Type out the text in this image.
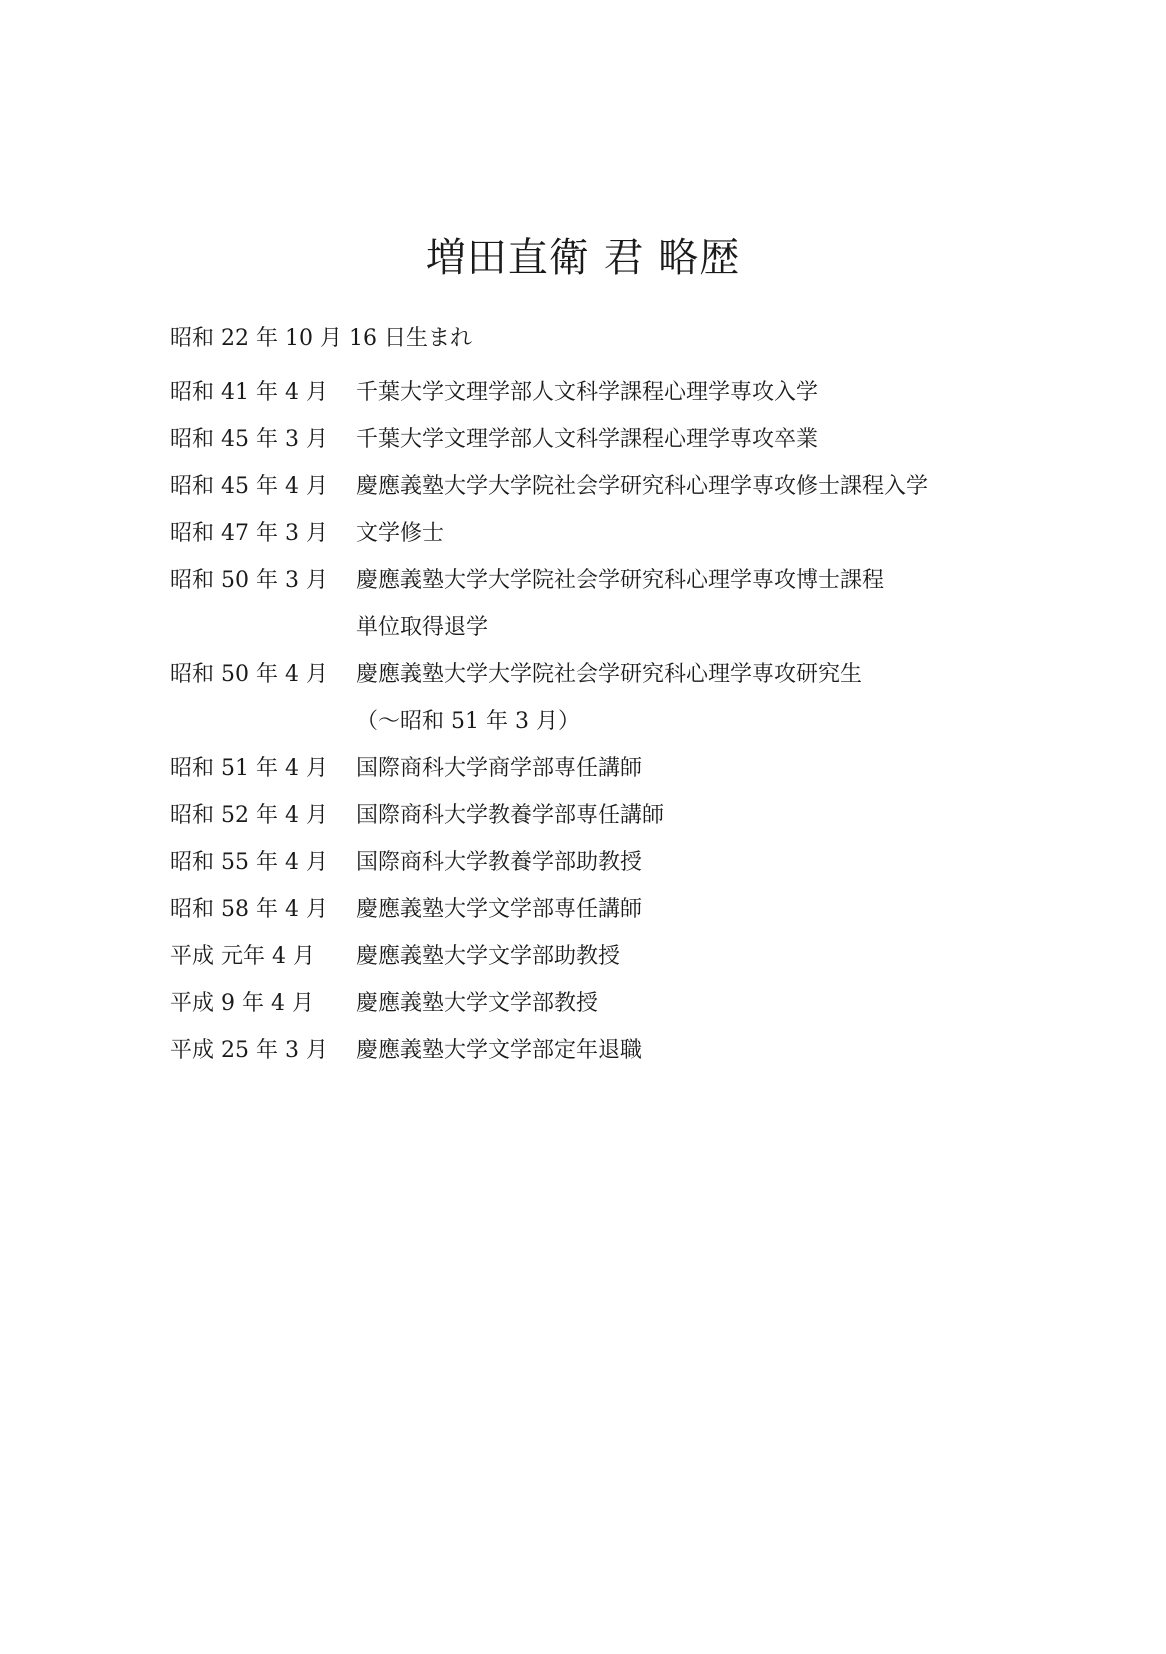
増田直衛 君 略歴
昭和 22 年 10 月 16 日生まれ
昭和 41 年 4 月	千葉大学文理学部人文科学課程心理学専攻入学
昭和 45 年 3 月	千葉大学文理学部人文科学課程心理学専攻卒業
昭和 45 年 4 月	慶應義塾大学大学院社会学研究科心理学専攻修士課程入学
昭和 47 年 3 月	文学修士
昭和 50 年 3 月	慶應義塾大学大学院社会学研究科心理学専攻博士課程
単位取得退学
昭和 50 年 4 月	慶應義塾大学大学院社会学研究科心理学専攻研究生
（～昭和 51 年 3 月）
昭和 51 年 4 月	国際商科大学商学部専任講師
昭和 52 年 4 月	国際商科大学教養学部専任講師
昭和 55 年 4 月	国際商科大学教養学部助教授
昭和 58 年 4 月	慶應義塾大学文学部専任講師
平成 元年 4 月	慶應義塾大学文学部助教授
平成 9 年 4 月	慶應義塾大学文学部教授
平成 25 年 3 月	慶應義塾大学文学部定年退職
